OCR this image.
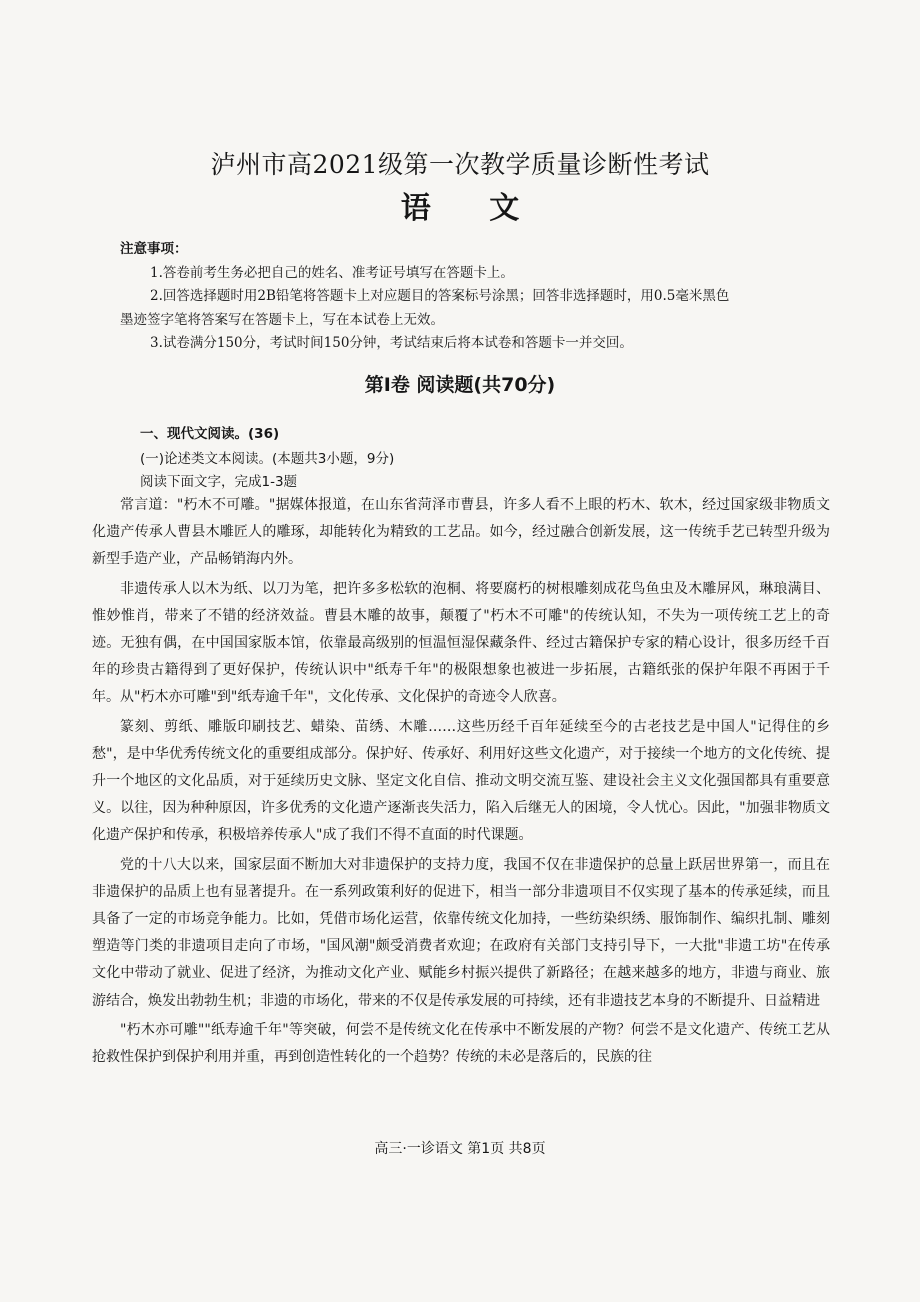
泸州市高2021级第一次教学质量诊断性考试
语 文
注意事项：
1.答卷前考生务必把自己的姓名、准考证号填写在答题卡上。
2.回答选择题时用2B铅笔将答题卡上对应题目的答案标号涂黑；回答非选择题时，用0.5毫米黑色
墨迹签字笔将答案写在答题卡上，写在本试卷上无效。
3.试卷满分150分，考试时间150分钟，考试结束后将本试卷和答题卡一并交回。
第Ⅰ卷 阅读题(共70分)
一、现代文阅读。(36)
(一)论述类文本阅读。(本题共3小题，9分)
阅读下面文字，完成1-3题

常言道："朽木不可雕。"据媒体报道，在山东省菏泽市曹县，许多人看不上眼的朽木、软木，经过国家级非物质文化遗产传承人曹县木雕匠人的雕琢，却能转化为精致的工艺品。如今，经过融合创新发展，这一传统手艺已转型升级为新型手造产业，产品畅销海内外。

非遗传承人以木为纸、以刀为笔，把许多多松软的泡桐、将要腐朽的树根雕刻成花鸟鱼虫及木雕屏风，琳琅满目、惟妙惟肖，带来了不错的经济效益。曹县木雕的故事，颠覆了"朽木不可雕"的传统认知，不失为一项传统工艺上的奇迹。无独有偶，在中国国家版本馆，依靠最高级别的恒温恒湿保藏条件、经过古籍保护专家的精心设计，很多历经千百年的珍贵古籍得到了更好保护，传统认识中"纸寿千年"的极限想象也被进一步拓展，古籍纸张的保护年限不再困于千年。从"朽木亦可雕"到"纸寿逾千年"，文化传承、文化保护的奇迹令人欣喜。

篆刻、剪纸、雕版印刷技艺、蜡染、苗绣、木雕……这些历经千百年延续至今的古老技艺是中国人"记得住的乡愁"，是中华优秀传统文化的重要组成部分。保护好、传承好、利用好这些文化遗产，对于接续一个地方的文化传统、提升一个地区的文化品质，对于延续历史文脉、坚定文化自信、推动文明交流互鉴、建设社会主义文化强国都具有重要意义。以往，因为种种原因，许多优秀的文化遗产逐渐丧失活力，陷入后继无人的困境，令人忧心。因此，"加强非物质文化遗产保护和传承，积极培养传承人"成了我们不得不直面的时代课题。

党的十八大以来，国家层面不断加大对非遗保护的支持力度，我国不仅在非遗保护的总量上跃居世界第一，而且在非遗保护的品质上也有显著提升。在一系列政策利好的促进下，相当一部分非遗项目不仅实现了基本的传承延续，而且具备了一定的市场竞争能力。比如，凭借市场化运营，依靠传统文化加持，一些纺染织绣、服饰制作、编织扎制、雕刻塑造等门类的非遗项目走向了市场，"国风潮"颇受消费者欢迎；在政府有关部门支持引导下，一大批"非遗工坊"在传承文化中带动了就业、促进了经济，为推动文化产业、赋能乡村振兴提供了新路径；在越来越多的地方，非遗与商业、旅游结合，焕发出勃勃生机；非遗的市场化，带来的不仅是传承发展的可持续，还有非遗技艺本身的不断提升、日益精进

"朽木亦可雕""纸寿逾千年"等突破，何尝不是传统文化在传承中不断发展的产物？何尝不是文化遗产、传统工艺从抢救性保护到保护利用并重，再到创造性转化的一个趋势？传统的未必是落后的，民族的往

高三·一诊语文 第1页 共8页
